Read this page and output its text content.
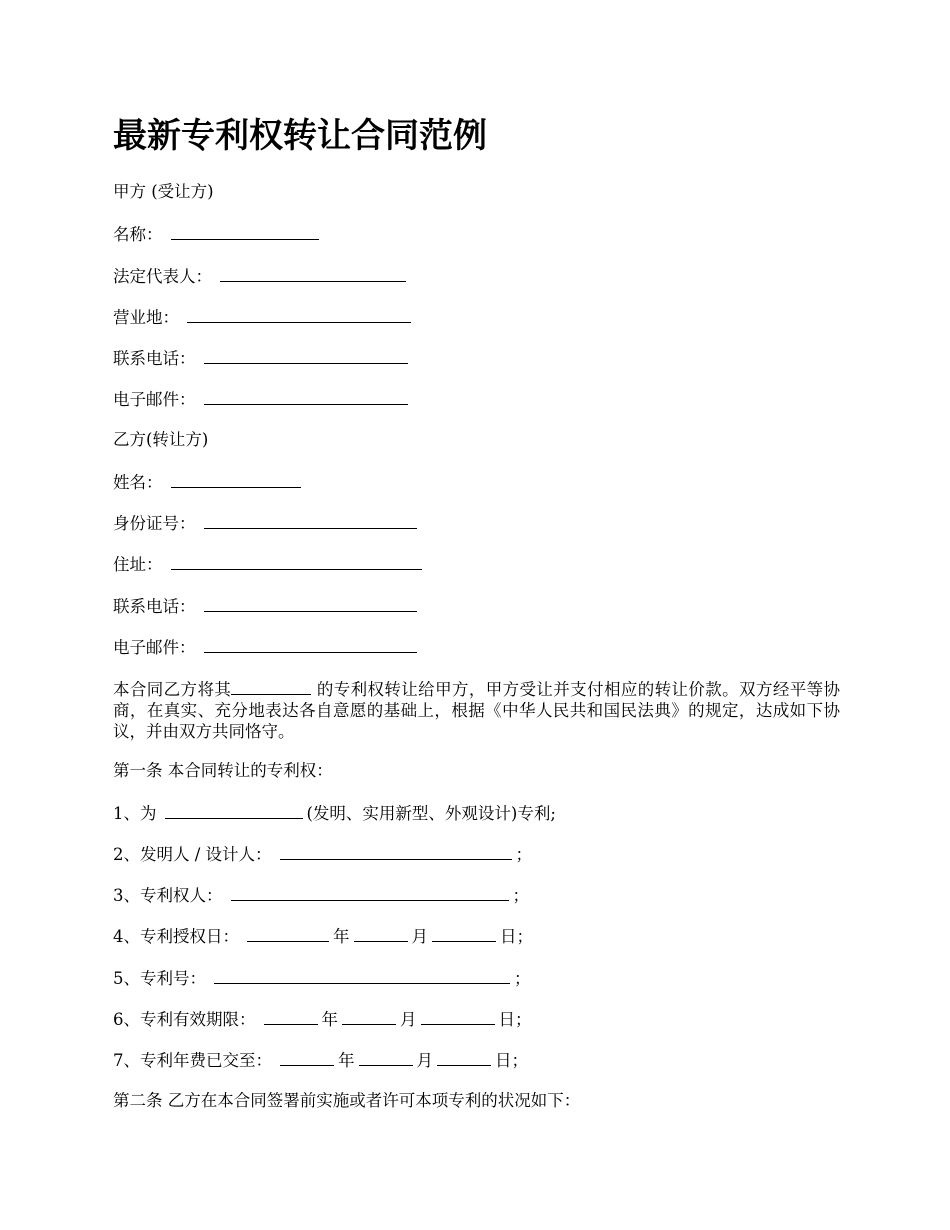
最新专利权转让合同范例
甲方 (受让方)
名称：
法定代表人：
营业地：
联系电话：
电子邮件：
乙方(转让方)
姓名：
身份证号：
住址：
联系电话：
电子邮件：
本合同乙方将其	的专利权转让给甲方，甲方受让并支付相应的转让价款。双方经平等协商，在真实、充分地表达各自意愿的基础上，根据《中华人民共和国民法典》的规定，达成如下协议，并由双方共同恪守。
第一条 本合同转让的专利权：
1、为	(发明、实用新型、外观设计)专利;
2、发明人 / 设计人：	；
3、专利权人：	；
4、专利授权日：	年	月	日；
5、专利号：	；
6、专利有效期限：	年	月	日；
7、专利年费已交至：	年	月	日；
第二条 乙方在本合同签署前实施或者许可本项专利的状况如下：
